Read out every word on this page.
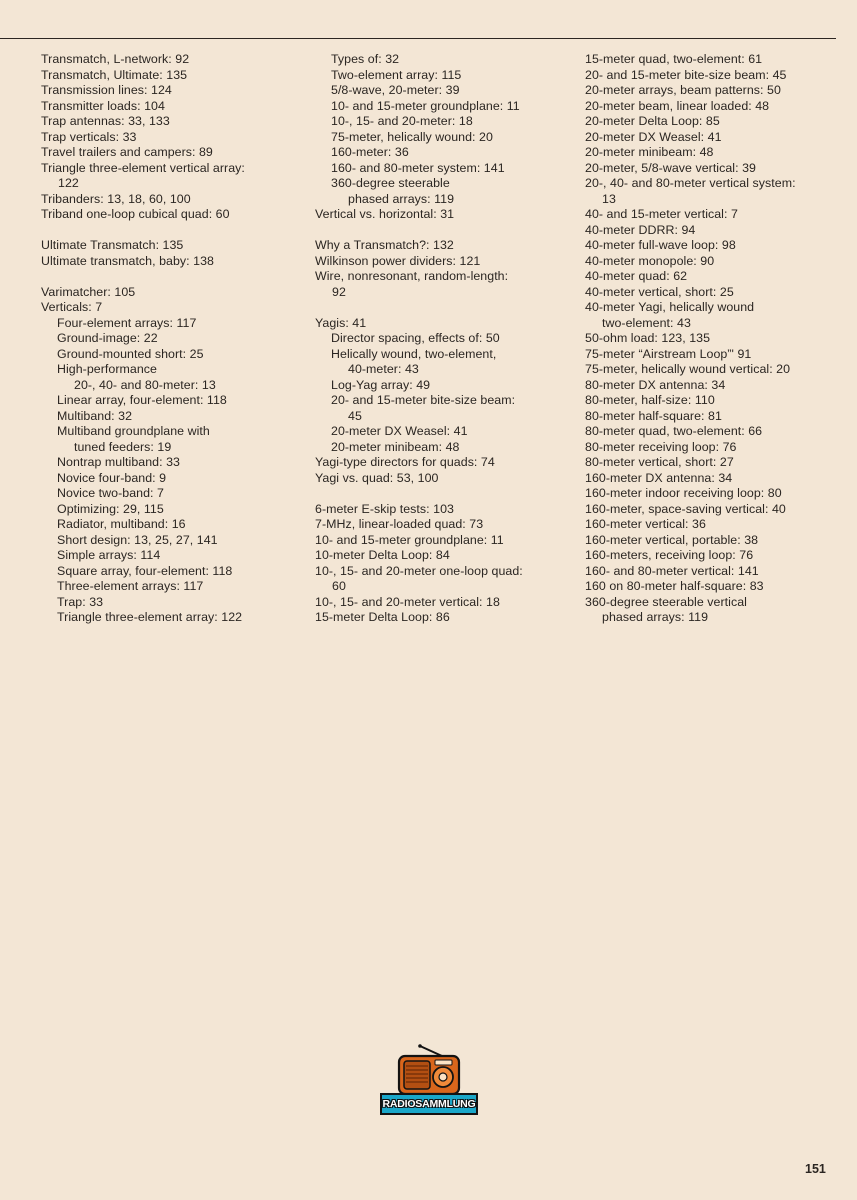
Transmatch, L-network: 92
Transmatch, Ultimate: 135
Transmission lines: 124
Transmitter loads: 104
Trap antennas: 33, 133
Trap verticals: 33
Travel trailers and campers: 89
Triangle three-element vertical array:
122
Tribanders: 13, 18, 60, 100
Triband one-loop cubical quad: 60
Ultimate Transmatch: 135
Ultimate transmatch, baby: 138
Varimatcher: 105
Verticals: 7
Four-element arrays: 117
Ground-image: 22
Ground-mounted short: 25
High-performance
20-, 40- and 80-meter: 13
Linear array, four-element: 118
Multiband: 32
Multiband groundplane with
tuned feeders: 19
Nontrap multiband: 33
Novice four-band: 9
Novice two-band: 7
Optimizing: 29, 115
Radiator, multiband: 16
Short design: 13, 25, 27, 141
Simple arrays: 114
Square array, four-element: 118
Three-element arrays: 117
Trap: 33
Triangle three-element array: 122
Types of: 32
Two-element array: 115
5/8-wave, 20-meter: 39
10- and 15-meter groundplane: 11
10-, 15- and 20-meter: 18
75-meter, helically wound: 20
160-meter: 36
160- and 80-meter system: 141
360-degree steerable
phased arrays: 119
Vertical vs. horizontal: 31
Why a Transmatch?: 132
Wilkinson power dividers: 121
Wire, nonresonant, random-length:
92
Yagis: 41
Director spacing, effects of: 50
Helically wound, two-element,
40-meter: 43
Log-Yag array: 49
20- and 15-meter bite-size beam:
45
20-meter DX Weasel: 41
20-meter minibeam: 48
Yagi-type directors for quads: 74
Yagi vs. quad: 53, 100
6-meter E-skip tests: 103
7-MHz, linear-loaded quad: 73
10- and 15-meter groundplane: 11
10-meter Delta Loop: 84
10-, 15- and 20-meter one-loop quad:
60
10-, 15- and 20-meter vertical: 18
15-meter Delta Loop: 86
15-meter quad, two-element: 61
20- and 15-meter bite-size beam: 45
20-meter arrays, beam patterns: 50
20-meter beam, linear loaded: 48
20-meter Delta Loop: 85
20-meter DX Weasel: 41
20-meter minibeam: 48
20-meter, 5/8-wave vertical: 39
20-, 40- and 80-meter vertical system:
13
40- and 15-meter vertical: 7
40-meter DDRR: 94
40-meter full-wave loop: 98
40-meter monopole: 90
40-meter quad: 62
40-meter vertical, short: 25
40-meter Yagi, helically wound
two-element: 43
50-ohm load: 123, 135
75-meter “Airstream Loop”' 91
75-meter, helically wound vertical: 20
80-meter DX antenna: 34
80-meter, half-size: 110
80-meter half-square: 81
80-meter quad, two-element: 66
80-meter receiving loop: 76
80-meter vertical, short: 27
160-meter DX antenna: 34
160-meter indoor receiving loop: 80
160-meter, space-saving vertical: 40
160-meter vertical: 36
160-meter vertical, portable: 38
160-meters, receiving loop: 76
160- and 80-meter vertical: 141
160 on 80-meter half-square: 83
360-degree steerable vertical
phased arrays: 119
RADIOSAMMLUNG
151
